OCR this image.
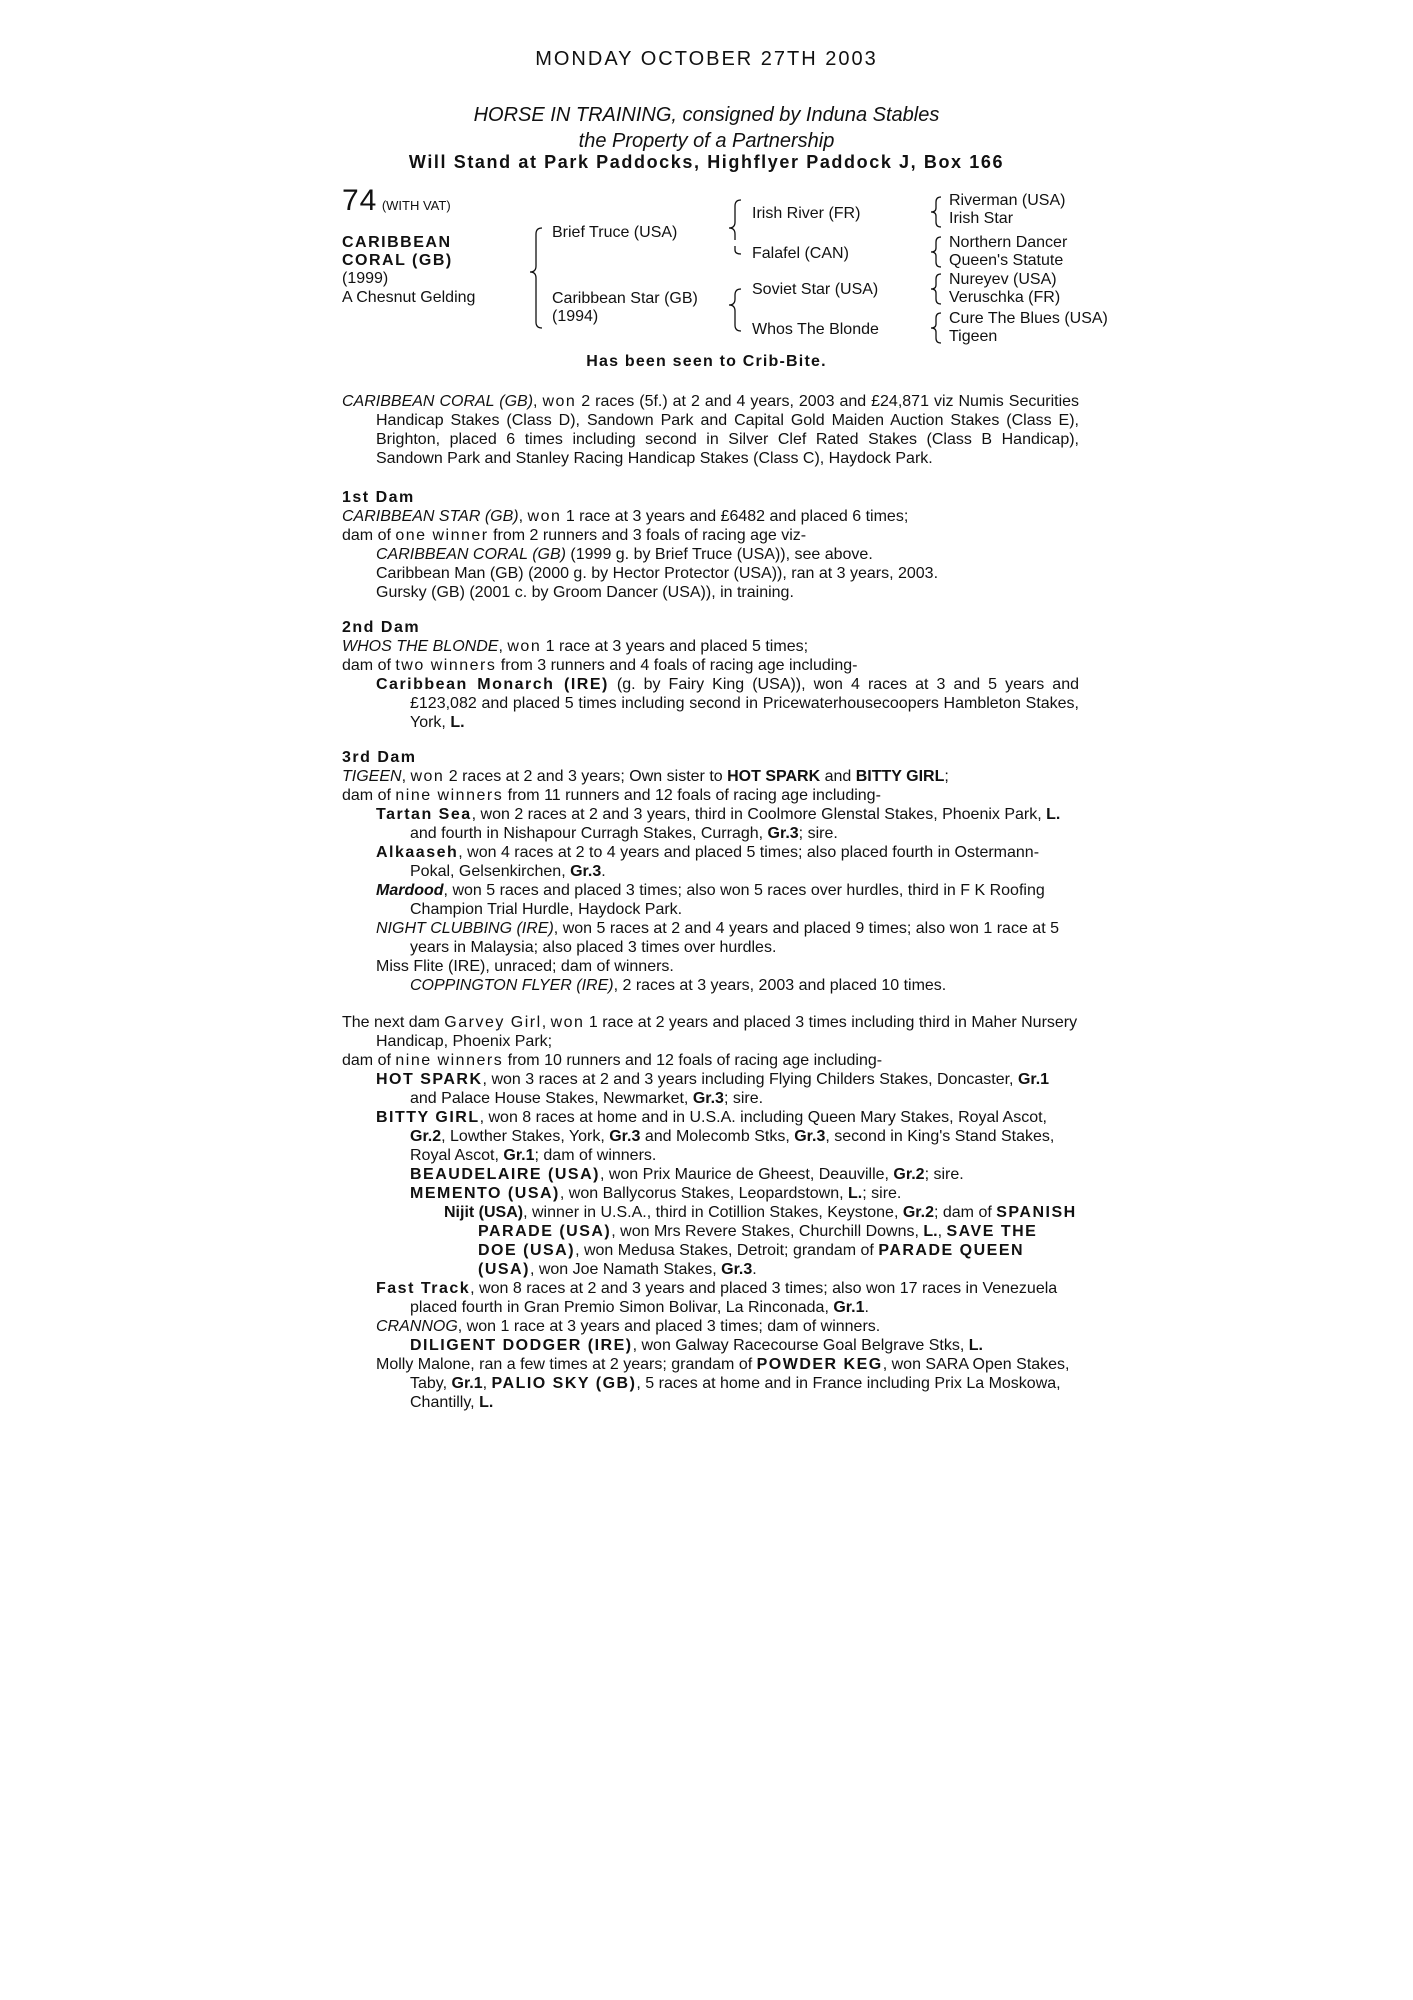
MONDAY OCTOBER 27TH 2003
HORSE IN TRAINING, consigned by Induna Stables
the Property of a Partnership
Will Stand at Park Paddocks, Highflyer Paddock J, Box 166
74 (WITH VAT)
CARIBBEAN
CORAL (GB)
(1999)
A Chesnut Gelding
Brief Truce (USA)
Caribbean Star (GB)
(1994)
Irish River (FR)
Falafel (CAN)
Soviet Star (USA)
Whos The Blonde
Riverman (USA)
Irish Star
Northern Dancer
Queen's Statute
Nureyev (USA)
Veruschka (FR)
Cure The Blues (USA)
Tigeen
Has been seen to Crib-Bite.

CARIBBEAN CORAL (GB), won 2 races (5f.) at 2 and 4 years, 2003 and £24,871 viz Numis Securities Handicap Stakes (Class D), Sandown Park and Capital Gold Maiden Auction Stakes (Class E), Brighton, placed 6 times including second in Silver Clef Rated Stakes (Class B Handicap), Sandown Park and Stanley Racing Handicap Stakes (Class C), Haydock Park.

1st Dam

CARIBBEAN STAR (GB), won 1 race at 3 years and £6482 and placed 6 times;

dam of one winner from 2 runners and 3 foals of racing age viz-

CARIBBEAN CORAL (GB) (1999 g. by Brief Truce (USA)), see above.

Caribbean Man (GB) (2000 g. by Hector Protector (USA)), ran at 3 years, 2003.

Gursky (GB) (2001 c. by Groom Dancer (USA)), in training.

2nd Dam

WHOS THE BLONDE, won 1 race at 3 years and placed 5 times;

dam of two winners from 3 runners and 4 foals of racing age including-

Caribbean Monarch (IRE) (g. by Fairy King (USA)), won 4 races at 3 and 5 years and £123,082 and placed 5 times including second in Pricewaterhousecoopers Hambleton Stakes, York, L.

3rd Dam

TIGEEN, won 2 races at 2 and 3 years; Own sister to HOT SPARK and BITTY GIRL;

dam of nine winners from 11 runners and 12 foals of racing age including-

Tartan Sea, won 2 races at 2 and 3 years, third in Coolmore Glenstal Stakes, Phoenix Park, L. and fourth in Nishapour Curragh Stakes, Curragh, Gr.3; sire.

Alkaaseh, won 4 races at 2 to 4 years and placed 5 times; also placed fourth in Ostermann-Pokal, Gelsenkirchen, Gr.3.

Mardood, won 5 races and placed 3 times; also won 5 races over hurdles, third in F K Roofing Champion Trial Hurdle, Haydock Park.

NIGHT CLUBBING (IRE), won 5 races at 2 and 4 years and placed 9 times; also won 1 race at 5 years in Malaysia; also placed 3 times over hurdles.

Miss Flite (IRE), unraced; dam of winners.

COPPINGTON FLYER (IRE), 2 races at 3 years, 2003 and placed 10 times.

The next dam Garvey Girl, won 1 race at 2 years and placed 3 times including third in Maher Nursery Handicap, Phoenix Park;

dam of nine winners from 10 runners and 12 foals of racing age including-

HOT SPARK, won 3 races at 2 and 3 years including Flying Childers Stakes, Doncaster, Gr.1 and Palace House Stakes, Newmarket, Gr.3; sire.

BITTY GIRL, won 8 races at home and in U.S.A. including Queen Mary Stakes, Royal Ascot, Gr.2, Lowther Stakes, York, Gr.3 and Molecomb Stks, Gr.3, second in King's Stand Stakes, Royal Ascot, Gr.1; dam of winners.

BEAUDELAIRE (USA), won Prix Maurice de Gheest, Deauville, Gr.2; sire.

MEMENTO (USA), won Ballycorus Stakes, Leopardstown, L.; sire.

Nijit (USA), winner in U.S.A., third in Cotillion Stakes, Keystone, Gr.2; dam of SPANISH PARADE (USA), won Mrs Revere Stakes, Churchill Downs, L., SAVE THE DOE (USA), won Medusa Stakes, Detroit; grandam of PARADE QUEEN (USA), won Joe Namath Stakes, Gr.3.

Fast Track, won 8 races at 2 and 3 years and placed 3 times; also won 17 races in Venezuela placed fourth in Gran Premio Simon Bolivar, La Rinconada, Gr.1.

CRANNOG, won 1 race at 3 years and placed 3 times; dam of winners.

DILIGENT DODGER (IRE), won Galway Racecourse Goal Belgrave Stks, L.

Molly Malone, ran a few times at 2 years; grandam of POWDER KEG, won SARA Open Stakes, Taby, Gr.1, PALIO SKY (GB), 5 races at home and in France including Prix La Moskowa, Chantilly, L.
